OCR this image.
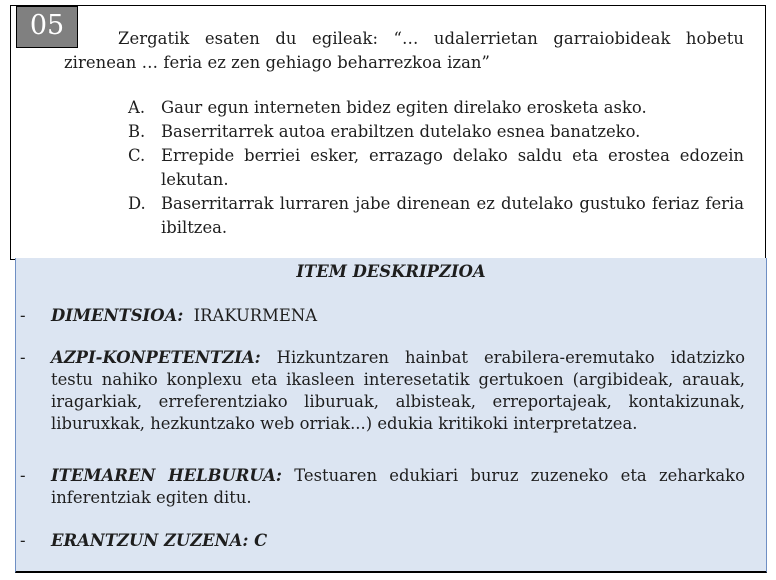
05	Zergatik esaten du egileak: “… udalerrietan garraiobideak hobetu zirenean … feria ez zen gehiago beharrezkoa izan”

A. Gaur egun interneten bidez egiten direlako erosketa asko.
B. Baserritarrek autoa erabiltzen dutelako esnea banatzeko.
C. Errepide berriei esker, errazago delako saldu eta erostea edozein lekutan.
D. Baserritarrak lurraren jabe direnean ez dutelako gustuko feriaz feria ibiltzea.
ITEM DESKRIPZIOA
- DIMENTSIOA: IRAKURMENA
- AZPI-KONPETENTZIA: Hizkuntzaren hainbat erabilera-eremutako idatzizko testu nahiko konplexu eta ikasleen interesetatik gertukoen (argibideak, arauak, iragarkiak, erreferentziako liburuak, albisteak, erreportajeak, kontakizunak, liburuxkak, hezkuntzako web orriak...) edukia kritikoki interpretatzea.
- ITEMAREN HELBURUA: Testuaren edukiari buruz zuzeneko eta zeharkako inferentziak egiten ditu.
- ERANTZUN ZUZENA: C
